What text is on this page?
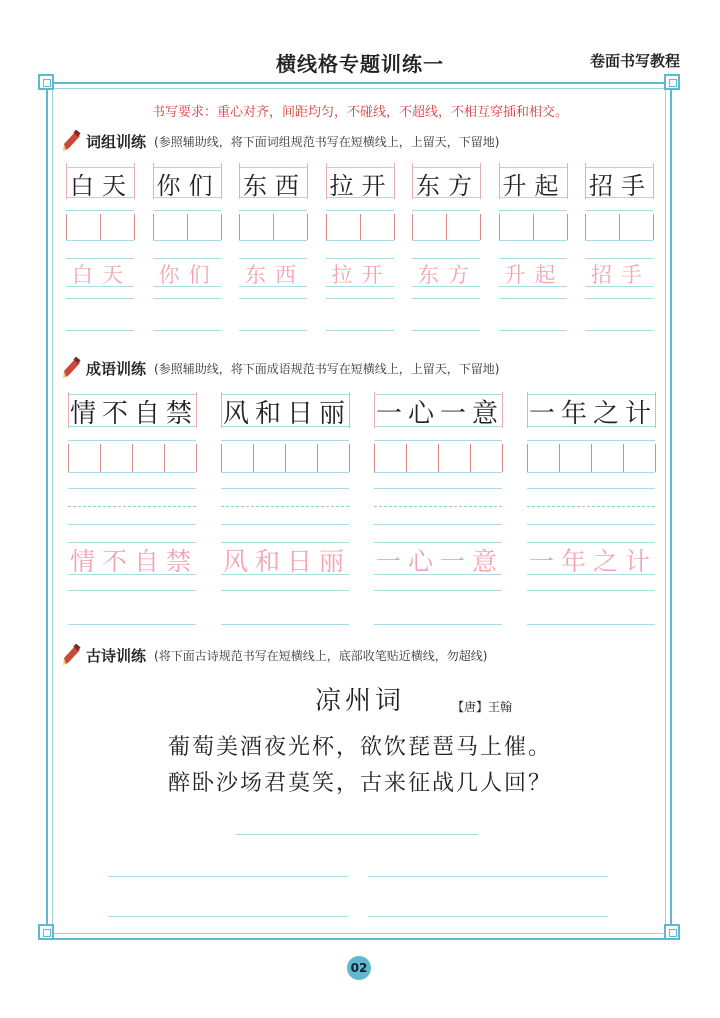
横线格专题训练一	卷面书写教程
书写要求：重心对齐，间距均匀，不碰线，不超线，不相互穿插和相交。
词组训练 (参照辅助线，将下面词组规范书写在短横线上，上留天，下留地)
成语训练 (参照辅助线，将下面成语规范书写在短横线上，上留天，下留地)
古诗训练 (将下面古诗规范书写在短横线上，底部收笔贴近横线，勿超线)
凉州词	【唐】王翰
葡萄美酒夜光杯，欲饮琵琶马上催。
醉卧沙场君莫笑，古来征战几人回？
02
白 天
白 天
你 们
你 们
东 西
东 西
拉 开
拉 开
东 方
东 方
升 起
升 起
招 手
招 手
情 不 自 禁
情 不 自 禁
风 和 日 丽
风 和 日 丽
一 心 一 意
一 心 一 意
一 年 之 计
一 年 之 计
